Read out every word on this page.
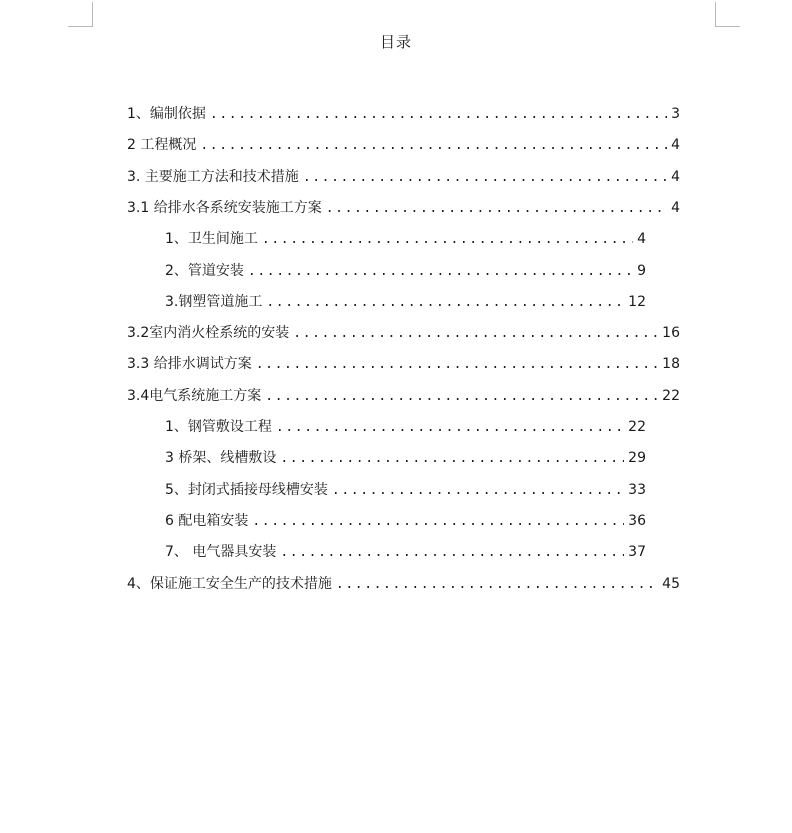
目录
1、编制依据 .....	3
2 工程概况 .....	4
3. 主要施工方法和技术措施 .....	4
3.1 给排水各系统安装施工方案 .....	4
1、卫生间施工 .....	4
2、管道安装 .....	9
3.钢塑管道施工 .....	12
3.2室内消火栓系统的安装 .....	16
3.3 给排水调试方案 .....	18
3.4电气系统施工方案 .....	22
1、钢管敷设工程 .....	22
3 桥架、线槽敷设 .....	29
5、封闭式插接母线槽安装 .....	33
6 配电箱安装 .....	36
7、 电气器具安装 .....	37
4、保证施工安全生产的技术措施 .....	45
